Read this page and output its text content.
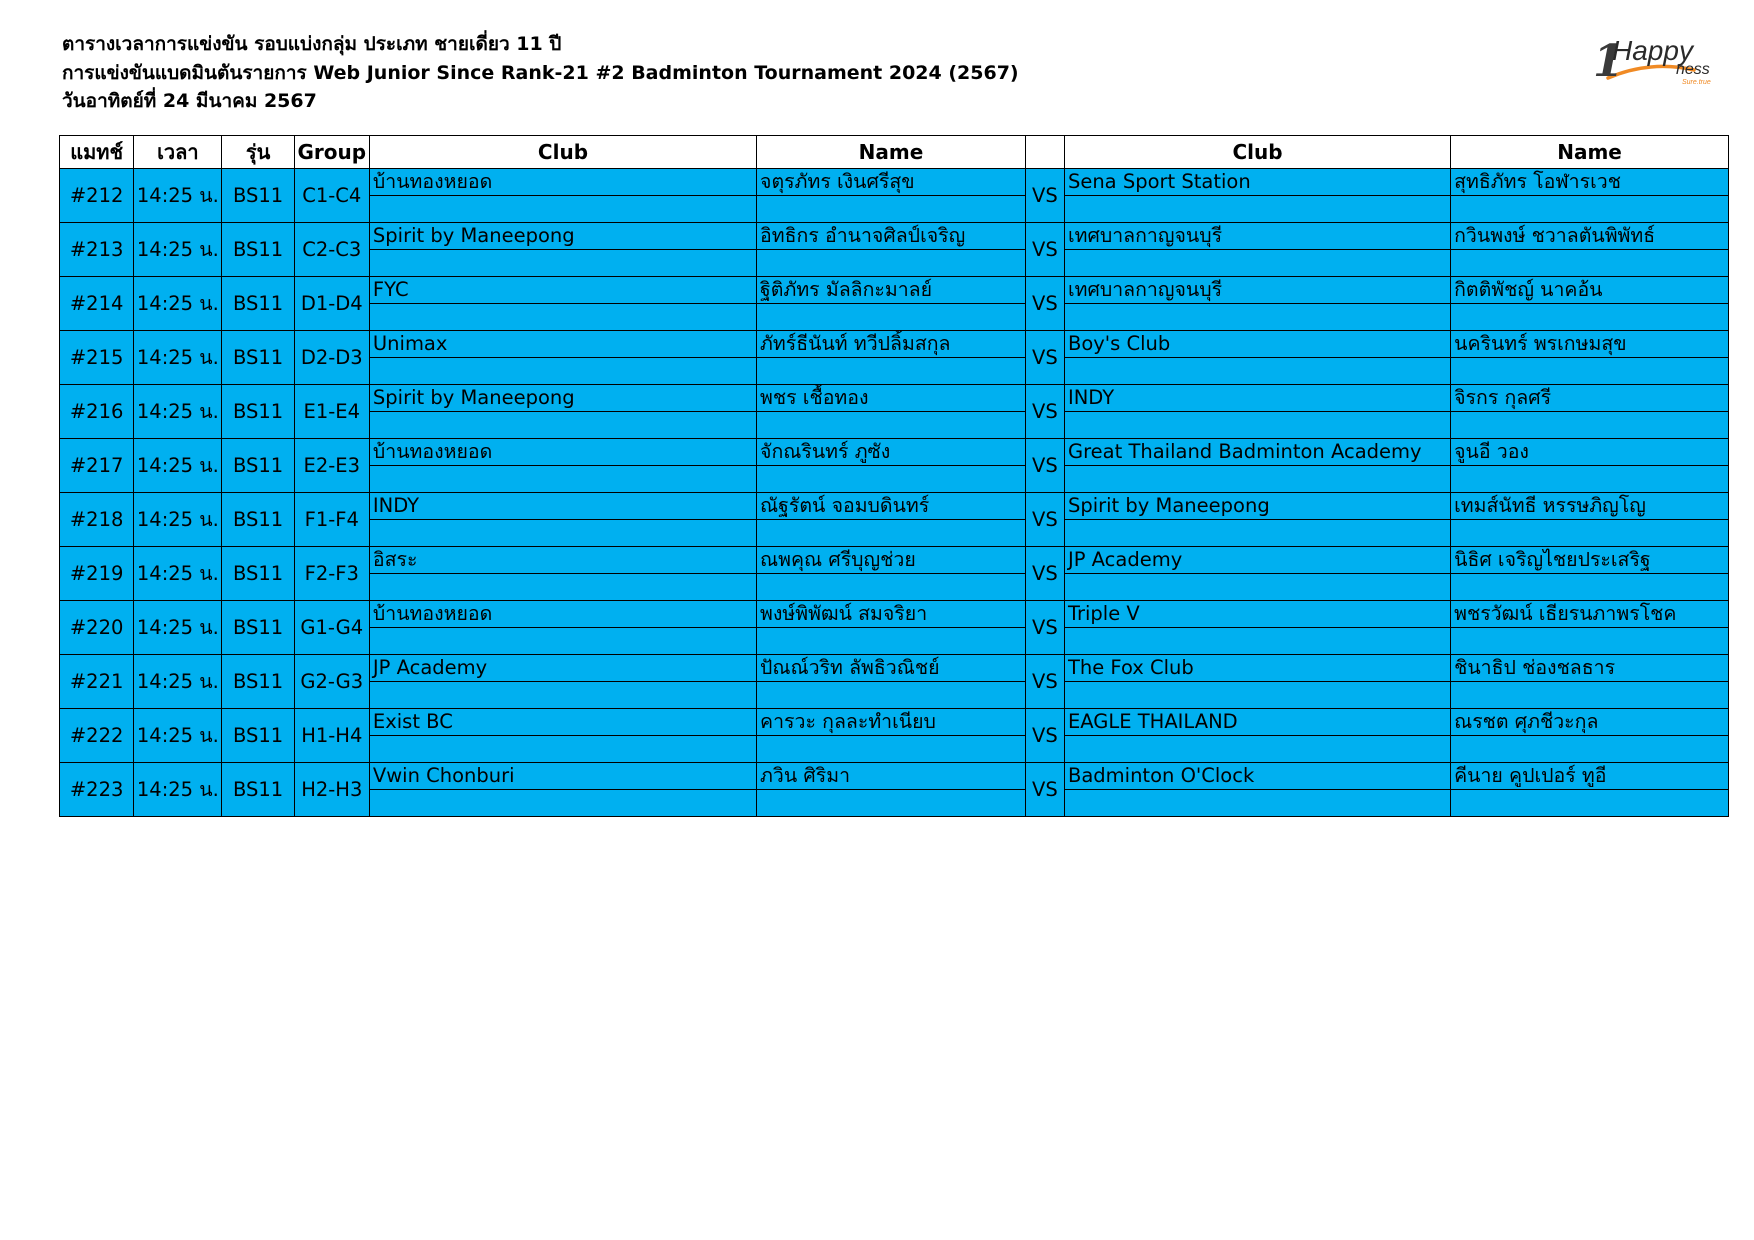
ตารางเวลาการแข่งขัน รอบแบ่งกลุ่ม ประเภท ชายเดี่ยว 11 ปี
การแข่งขันแบดมินตันรายการ Web Junior Since Rank-21 #2 Badminton Tournament 2024 (2567)
วันอาทิตย์ที่ 24 มีนาคม 2567
1
Happy
ness
Sure.true
แมทช์	เวลา	รุ่น	Group	Club	Name		Club	Name
#212	14:25 น.	BS11	C1-C4	บ้านทองหยอด	จตุรภัทร เงินศรีสุข	VS	Sena Sport Station	สุทธิภัทร โอฬารเวช

#213	14:25 น.	BS11	C2-C3	Spirit by Maneepong	อิทธิกร อำนาจศิลป์เจริญ	VS	เทศบาลกาญจนบุรี	กวินพงษ์ ชวาลตันพิพัทธ์

#214	14:25 น.	BS11	D1-D4	FYC	ฐิติภัทร มัลลิกะมาลย์	VS	เทศบาลกาญจนบุรี	กิตติพัชญ์ นาคอ้น

#215	14:25 น.	BS11	D2-D3	Unimax	ภัทร์ธีนันท์ ทวีปลิ้มสกุล	VS	Boy's Club	นครินทร์ พรเกษมสุข

#216	14:25 น.	BS11	E1-E4	Spirit by Maneepong	พชร เชื้อทอง	VS	INDY	จิรกร กุลศรี

#217	14:25 น.	BS11	E2-E3	บ้านทองหยอด	จักณรินทร์ ภูซัง	VS	Great Thailand Badminton Academy	จูนอี วอง

#218	14:25 น.	BS11	F1-F4	INDY	ณัฐรัตน์ จอมบดินทร์	VS	Spirit by Maneepong	เทมส์นัทธี หรรษภิญโญ

#219	14:25 น.	BS11	F2-F3	อิสระ	ณพคุณ ศรีบุญช่วย	VS	JP Academy	นิธิศ เจริญไชยประเสริฐ

#220	14:25 น.	BS11	G1-G4	บ้านทองหยอด	พงษ์พิพัฒน์ สมจริยา	VS	Triple V	พชรวัฒน์ เธียรนภาพรโชค

#221	14:25 น.	BS11	G2-G3	JP Academy	ปัณณ์วริท ลัพธิวณิชย์	VS	The Fox Club	ชินาธิป ช่องชลธาร

#222	14:25 น.	BS11	H1-H4	Exist BC	คารวะ กุลละทำเนียบ	VS	EAGLE THAILAND	ณรชต ศุภชีวะกุล

#223	14:25 น.	BS11	H2-H3	Vwin Chonburi	ภวิน ศิริมา	VS	Badminton O'Clock	คีนาย คูปเปอร์ ทูอี
